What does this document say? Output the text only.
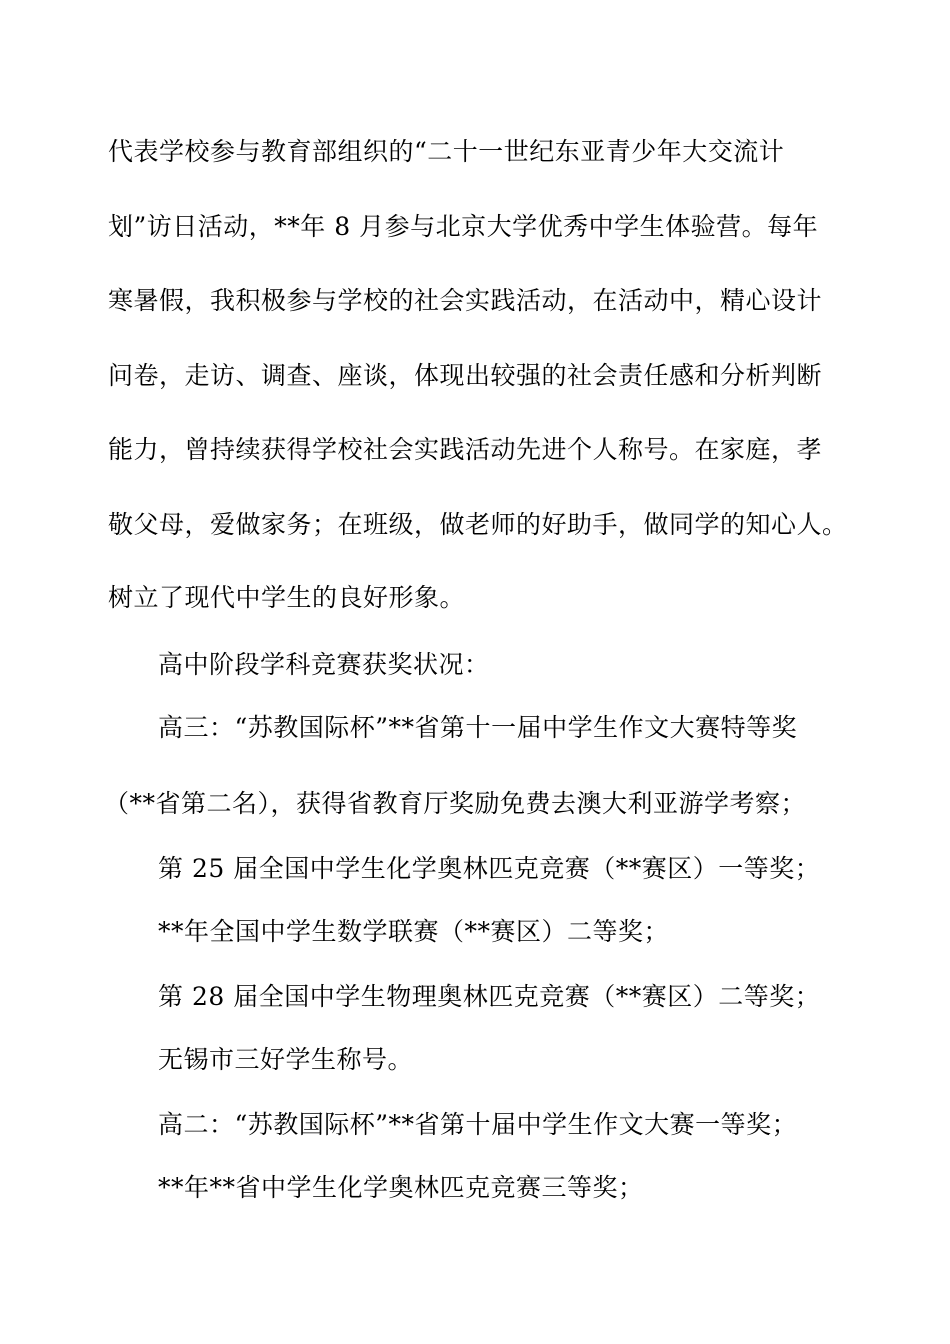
代表学校参与教育部组织的“二十一世纪东亚青少年大交流计
划”访日活动，**年 8 月参与北京大学优秀中学生体验营。每年
寒暑假，我积极参与学校的社会实践活动，在活动中，精心设计
问卷，走访、调查、座谈，体现出较强的社会责任感和分析判断
能力，曾持续获得学校社会实践活动先进个人称号。在家庭，孝
敬父母，爱做家务；在班级，做老师的好助手，做同学的知心人。
树立了现代中学生的良好形象。
高中阶段学科竞赛获奖状况：
高三：“苏教国际杯”**省第十一届中学生作文大赛特等奖
（**省第二名），获得省教育厅奖励免费去澳大利亚游学考察；
第 25 届全国中学生化学奥林匹克竞赛（**赛区）一等奖；
**年全国中学生数学联赛（**赛区）二等奖；
第 28 届全国中学生物理奥林匹克竞赛（**赛区）二等奖；
无锡市三好学生称号。
高二：“苏教国际杯”**省第十届中学生作文大赛一等奖；
**年**省中学生化学奥林匹克竞赛三等奖；
